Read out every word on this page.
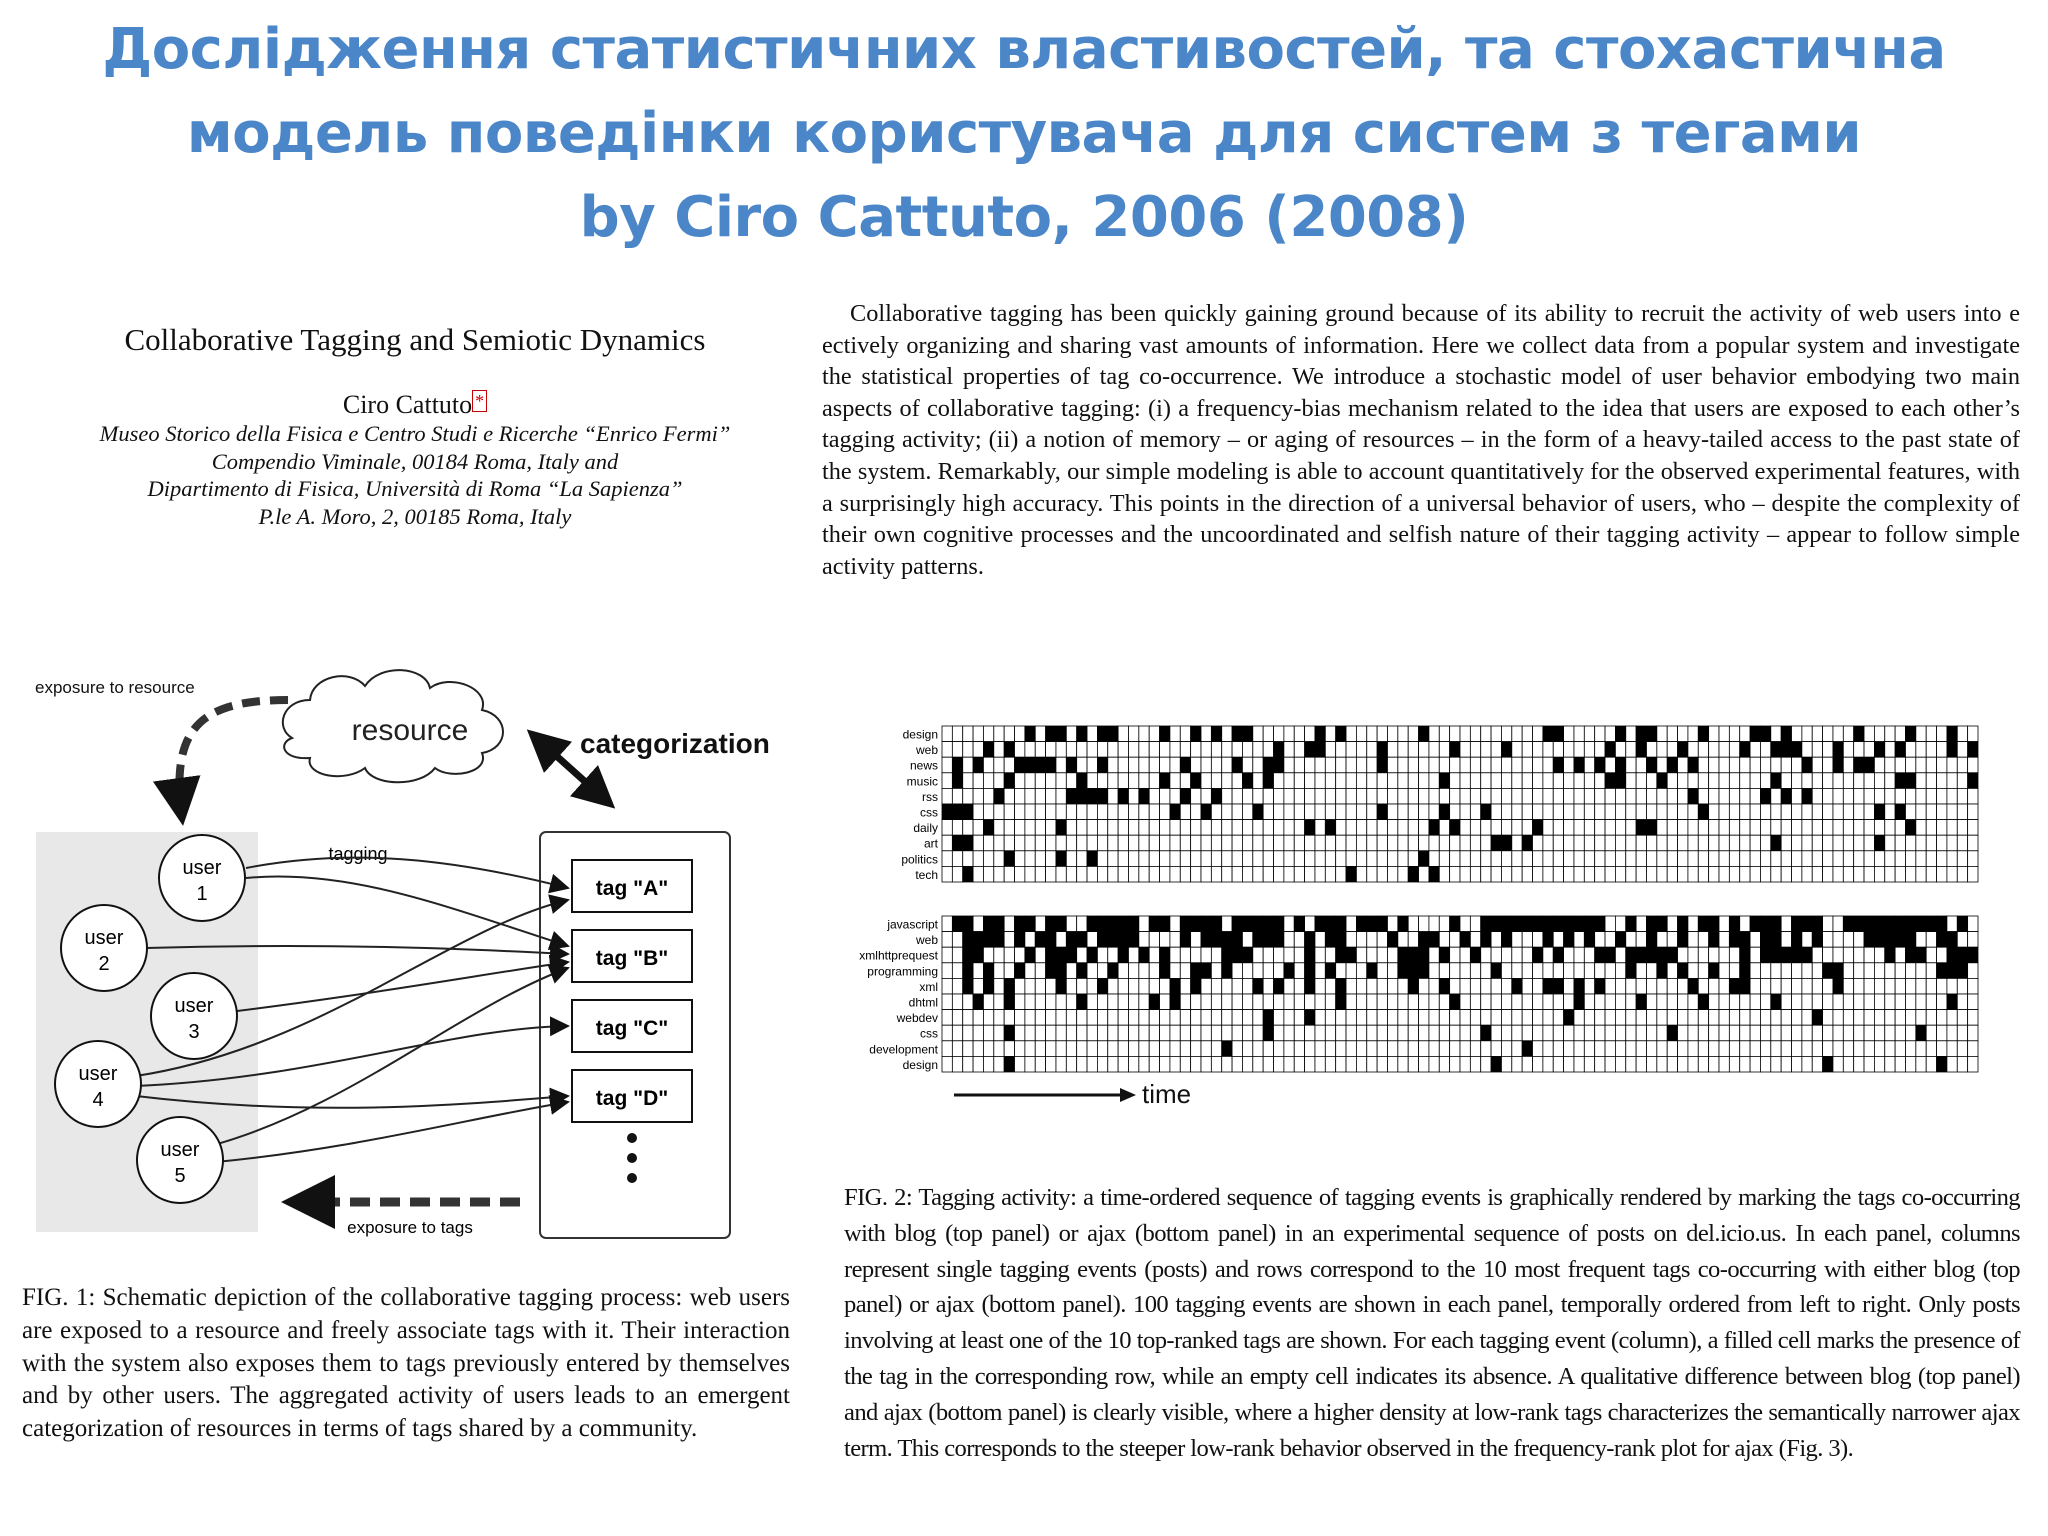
Дослідження статистичних властивостей, та стохастична
модель поведінки користувача для систем з тегами
by Ciro Cattuto, 2006 (2008)
Collaborative Tagging and Semiotic Dynamics
Ciro Cattuto *
Museo Storico della Fisica e Centro Studi e Ricerche “Enrico Fermi”
Compendio Viminale, 00184 Roma, Italy and
Dipartimento di Fisica, Università di Roma “La Sapienza”
P.le A. Moro, 2, 00185 Roma, Italy

Collaborative tagging has been quickly gaining ground because of its ability to recruit the activity of web users into e ectively organizing and sharing vast amounts of information. Here we collect data from a popular system and investigate the statistical properties of tag co-occurrence. We introduce a stochastic model of user behavior embodying two main aspects of collaborative tagging: (i) a frequency-bias mechanism related to the idea that users are exposed to each other’s tagging activity; (ii) a notion of memory – or aging of resources – in the form of a heavy-tailed access to the past state of the system. Remarkably, our simple modeling is able to account quantitatively for the observed experimental features, with a surprisingly high accuracy. This points in the direction of a universal behavior of users, who – despite the complexity of their own cognitive processes and the uncoordinated and selfish nature of their tagging activity – appear to follow simple activity patterns.

resource
exposure to resource
categorization
tag "A"
tag "B"
tag "C"
tag "D"
tagging
user
1
user
2
user
3
user
4
user
5
exposure to tags
FIG. 1: Schematic depiction of the collaborative tagging process: web users are exposed to a resource and freely associate tags with it. Their interaction with the system also exposes them to tags previously entered by themselves and by other users. The aggregated activity of users leads to an emergent categorization of resources in terms of tags shared by a community.
design
web
news
music
rss
css
daily
art
politics
tech
javascript
web
xmlhttprequest
programming
xml
dhtml
webdev
css
development
design
time

FIG. 2: Tagging activity: a time-ordered sequence of tagging events is graphically rendered by marking the tags co-occurring with blog (top panel) or ajax (bottom panel) in an experimental sequence of posts on del.icio.us. In each panel, columns represent single tagging events (posts) and rows correspond to the 10 most frequent tags co-occurring with either blog (top panel) or ajax (bottom panel). 100 tagging events are shown in each panel, temporally ordered from left to right. Only posts involving at least one of the 10 top-ranked tags are shown. For each tagging event (column), a filled cell marks the presence of the tag in the corresponding row, while an empty cell indicates its absence. A qualitative difference between blog (top panel) and ajax (bottom panel) is clearly visible, where a higher density at low-rank tags characterizes the semantically narrower ajax term. This corresponds to the steeper low-rank behavior observed in the frequency-rank plot for ajax (Fig. 3).
